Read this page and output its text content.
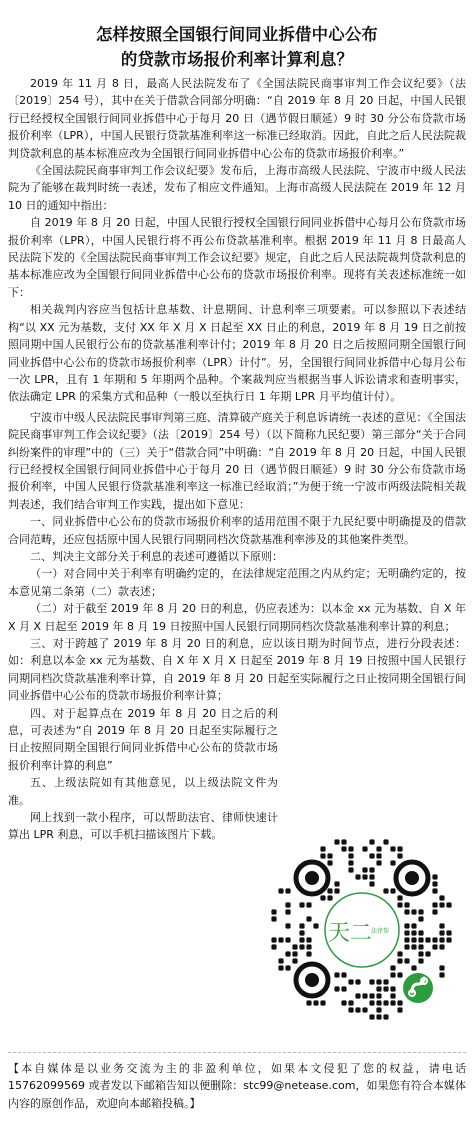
怎样按照全国银行间同业拆借中心公布
的贷款市场报价利率计算利息？

2019 年 11 月 8 日，最高人民法院发布了《全国法院民商事审判工作会议纪要》（法〔2019〕254 号），其中在关于借款合同部分明确：“自 2019 年 8 月 20 日起，中国人民银行已经授权全国银行间同业拆借中心于每月 20 日（遇节假日顺延）9 时 30 分公布贷款市场报价利率（LPR），中国人民银行贷款基准利率这一标准已经取消。因此，自此之后人民法院裁判贷款利息的基本标准应改为全国银行间同业拆借中心公布的贷款市场报价利率。”

《全国法院民商事审判工作会议纪要》发布后，上海市高级人民法院、宁波市中级人民法院为了能够在裁判时统一表述，发布了相应文件通知。上海市高级人民法院在 2019 年 12 月 10 日的通知中指出：

自 2019 年 8 月 20 日起，中国人民银行授权全国银行间同业拆借中心每月公布贷款市场报价利率（LPR），中国人民银行将不再公布贷款基准利率。根据 2019 年 11 月 8 日最高人民法院下发的《全国法院民商事审判工作会议纪要》规定，自此之后人民法院裁判贷款利息的基本标准应改为全国银行间同业拆借中心公布的贷款市场报价利率。现将有关表述标准统一如下：

相关裁判内容应当包括计息基数、计息期间、计息利率三项要素。可以参照以下表述结构“以 XX 元为基数，支付 XX 年 X 月 X 日起至 XX 日止的利息，2019 年 8 月 19 日之前按照同期中国人民银行公布的贷款基准利率计付；2019 年 8 月 20 日之后按照同期全国银行间同业拆借中心公布的贷款市场报价利率（LPR）计付”。另，全国银行间同业拆借中心每月公布一次 LPR，且有 1 年期和 5 年期两个品种。个案裁判应当根据当事人诉讼请求和查明事实，依法确定 LPR 的采集方式和品种（一般以至执行日 1 年期 LPR 月平均值计付）。

宁波市中级人民法院民事审判第三庭、清算破产庭关于利息诉请统一表述的意见：《全国法院民商事审判工作会议纪要》（法〔2019〕254 号）（以下简称九民纪要）第三部分“关于合同纠纷案件的审理”中的（三）关于“借款合同”中明确：“自 2019 年 8 月 20 日起，中国人民银行已经授权全国银行间同业拆借中心于每月 20 日（遇节假日顺延）9 时 30 分公布贷款市场报价利率，中国人民银行贷款基准利率这一标准已经取消；”为便于统一宁波市两级法院相关裁判表述，我们结合审判工作实践，提出如下意见：

一、同业拆借中心公布的贷款市场报价利率的适用范围不限于九民纪要中明确提及的借款合同范畴，还应包括原中国人民银行同期同档次贷款基准利率涉及的其他案件类型。

二、判决主文部分关于利息的表述可遵循以下原则：

（一）对合同中关于利率有明确约定的，在法律规定范围之内从约定；无明确约定的，按本意见第二条第（二）款表述；

（二）对于截至 2019 年 8 月 20 日的利息，仍应表述为：以本金 xx 元为基数、自 X 年 X 月 X 日起至 2019 年 8 月 19 日按照中国人民银行同期同档次贷款基准利率计算的利息；

三、对于跨越了 2019 年 8 月 20 日的利息，应以该日期为时间节点，进行分段表述：如：利息以本金 xx 元为基数、自 X 年 X 月 X 日起至 2019 年 8 月 19 日按照中国人民银行同期同档次贷款基准利率计算，自 2019 年 8 月 20 日起至实际履行之日止按同期全国银行间同业拆借中心公布的贷款市场报价利率计算；

四、对于起算点在 2019 年 8 月 20 日之后的利息，可表述为“自 2019 年 8 月 20 日起至实际履行之日止按照同期全国银行间同业拆借中心公布的贷款市场报价利率计算的利息”

五、上级法院如有其他意见，以上级法院文件为准。

网上找到一款小程序，可以帮助法官、律师快速计算出 LPR 利息，可以手机扫描该图片下载。

天二
法律帮
【本自媒体是以业务交流为主的非盈利单位，如果本文侵犯了您的权益，请电话15762099569 或者发以下邮箱告知以便删除：stc99@netease.com，如果您有符合本媒体内容的原创作品，欢迎向本邮箱投稿。】
